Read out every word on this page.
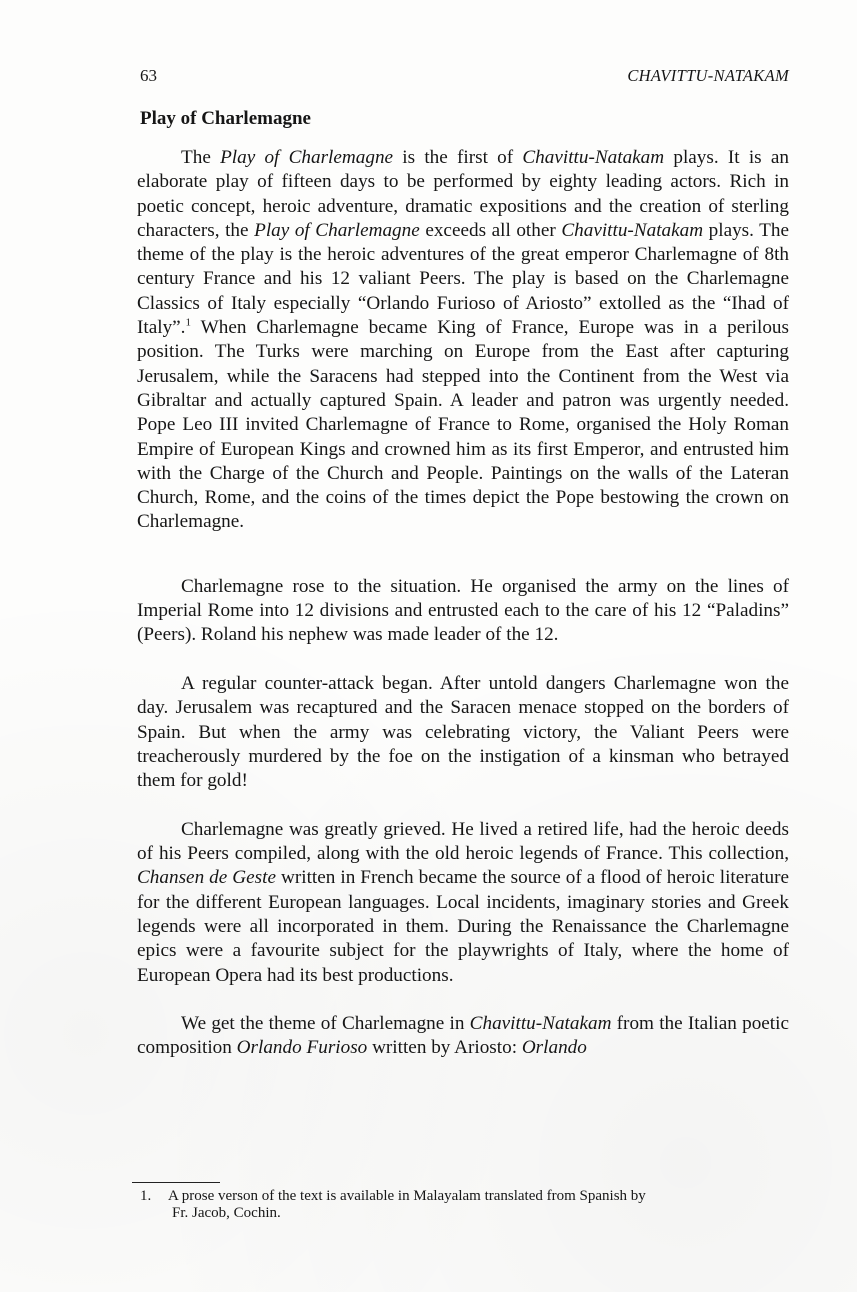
63	CHAVITTU-NATAKAM
Play of Charlemagne

The Play of Charlemagne is the first of Chavittu-Natakam plays. It is an elaborate play of fifteen days to be performed by eighty leading actors. Rich in poetic concept, heroic adventure, dramatic expositions and the creation of sterling characters, the Play of Charlemagne exceeds all other Chavittu-Natakam plays. The theme of the play is the heroic adventures of the great emperor Charlemagne of 8th century France and his 12 valiant Peers. The play is based on the Charlemagne Classics of Italy especially “Orlando Furioso of Ariosto” extolled as the “Ihad of Italy”.$^1$ When Charlemagne became King of France, Europe was in a perilous position. The Turks were marching on Europe from the East after capturing Jerusalem, while the Saracens had stepped into the Continent from the West via Gibraltar and actually captured Spain. A leader and patron was urgently needed. Pope Leo III invited Charlemagne of France to Rome, organised the Holy Roman Empire of European Kings and crowned him as its first Emperor, and entrusted him with the Charge of the Church and People. Paintings on the walls of the Lateran Church, Rome, and the coins of the times depict the Pope bestowing the crown on Charlemagne.

Charlemagne rose to the situation. He organised the army on the lines of Imperial Rome into 12 divisions and entrusted each to the care of his 12 “Paladins” (Peers). Roland his nephew was made leader of the 12.

A regular counter-attack began. After untold dangers Charlemagne won the day. Jerusalem was recaptured and the Saracen menace stopped on the borders of Spain. But when the army was celebrating victory, the Valiant Peers were treacherously murdered by the foe on the instigation of a kinsman who betrayed them for gold!

Charlemagne was greatly grieved. He lived a retired life, had the heroic deeds of his Peers compiled, along with the old heroic legends of France. This collection, Chansen de Geste written in French became the source of a flood of heroic literature for the different European languages. Local incidents, imaginary stories and Greek legends were all incorporated in them. During the Renaissance the Charlemagne epics were a favourite subject for the playwrights of Italy, where the home of European Opera had its best productions.

We get the theme of Charlemagne in Chavittu-Natakam from the Italian poetic composition Orlando Furioso written by Ariosto: Orlando

1. A prose verson of the text is available in Malayalam translated from Spanish by
Fr. Jacob, Cochin.
